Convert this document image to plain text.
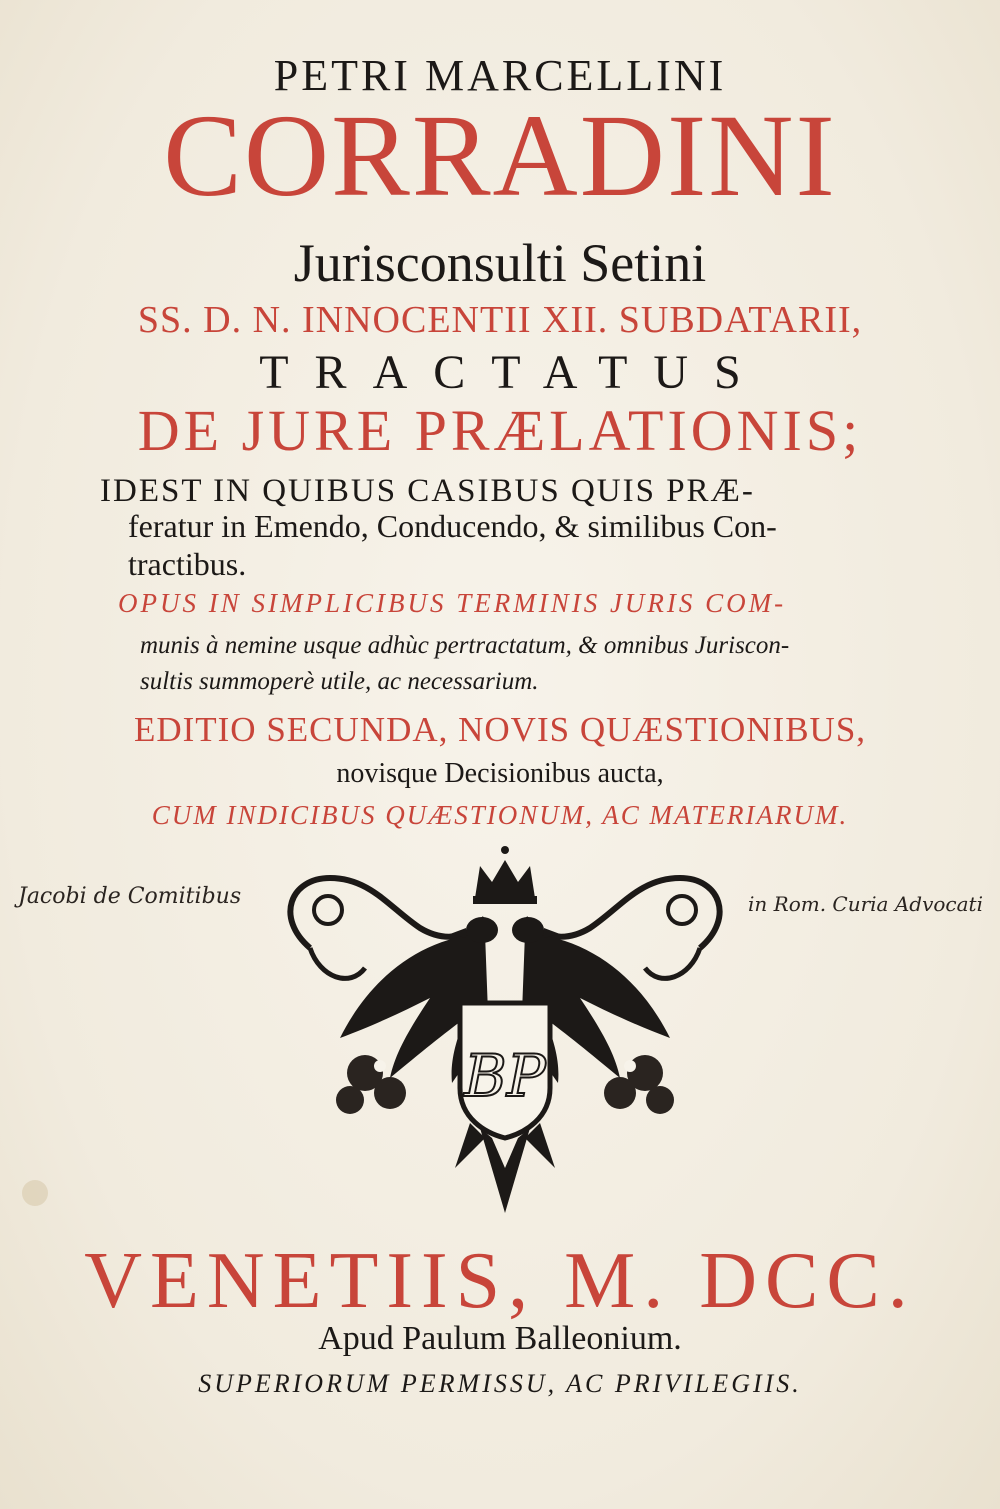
PETRI MARCELLINI
CORRADINI
Jurisconsulti Setini
SS. D. N. INNOCENTII XII. SUBDATARII,
TRACTATUS
DE JURE PRÆLATIONIS;
IDEST IN QUIBUS CASIBUS QUIS PRÆ-
feratur in Emendo, Conducendo, & similibus Con-
tractibus.
OPUS IN SIMPLICIBUS TERMINIS JURIS COM-
munis à nemine usque adhùc pertractatum, & omnibus Juriscon-
sultis summoperè utile, ac necessarium.
EDITIO SECUNDA, NOVIS QUÆSTIONIBUS,
novisque Decisionibus aucta,
CUM INDICIBUS QUÆSTIONUM, AC MATERIARUM.
Jacobi de Comitibus	in Rom. Curia Advocati
BP
VENETIIS, M. DCC.
Apud Paulum Balleonium.
SUPERIORUM PERMISSU, AC PRIVILEGIIS.
